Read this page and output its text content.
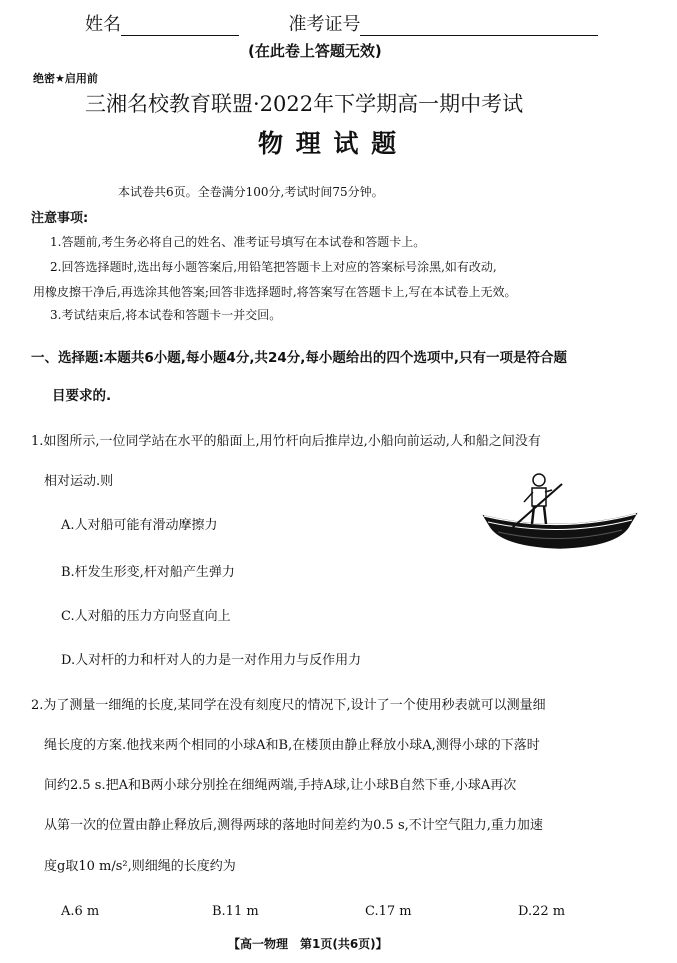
姓名	准考证号
(在此卷上答题无效)
绝密★启用前
三湘名校教育联盟·2022年下学期高一期中考试
物 理 试 题
本试卷共6页。全卷满分100分,考试时间75分钟。
注意事项:
1.答题前,考生务必将自己的姓名、准考证号填写在本试卷和答题卡上。
2.回答选择题时,选出每小题答案后,用铅笔把答题卡上对应的答案标号涂黑,如有改动,
用橡皮擦干净后,再选涂其他答案;回答非选择题时,将答案写在答题卡上,写在本试卷上无效。
3.考试结束后,将本试卷和答题卡一并交回。
一、选择题:本题共6小题,每小题4分,共24分,每小题给出的四个选项中,只有一项是符合题
目要求的.
1.如图所示,一位同学站在水平的船面上,用竹杆向后推岸边,小船向前运动,人和船之间没有
相对运动.则
A.人对船可能有滑动摩擦力
B.杆发生形变,杆对船产生弹力
C.人对船的压力方向竖直向上
D.人对杆的力和杆对人的力是一对作用力与反作用力
2.为了测量一细绳的长度,某同学在没有刻度尺的情况下,设计了一个使用秒表就可以测量细
绳长度的方案.他找来两个相同的小球A和B,在楼顶由静止释放小球A,测得小球的下落时
间约2.5 s.把A和B两小球分别拴在细绳两端,手持A球,让小球B自然下垂,小球A再次
从第一次的位置由静止释放后,测得两球的落地时间差约为0.5 s,不计空气阻力,重力加速
度g取10 m/s²,则细绳的长度约为
A.6 m	B.11 m	C.17 m	D.22 m
【高一物理　第1页(共6页)】
